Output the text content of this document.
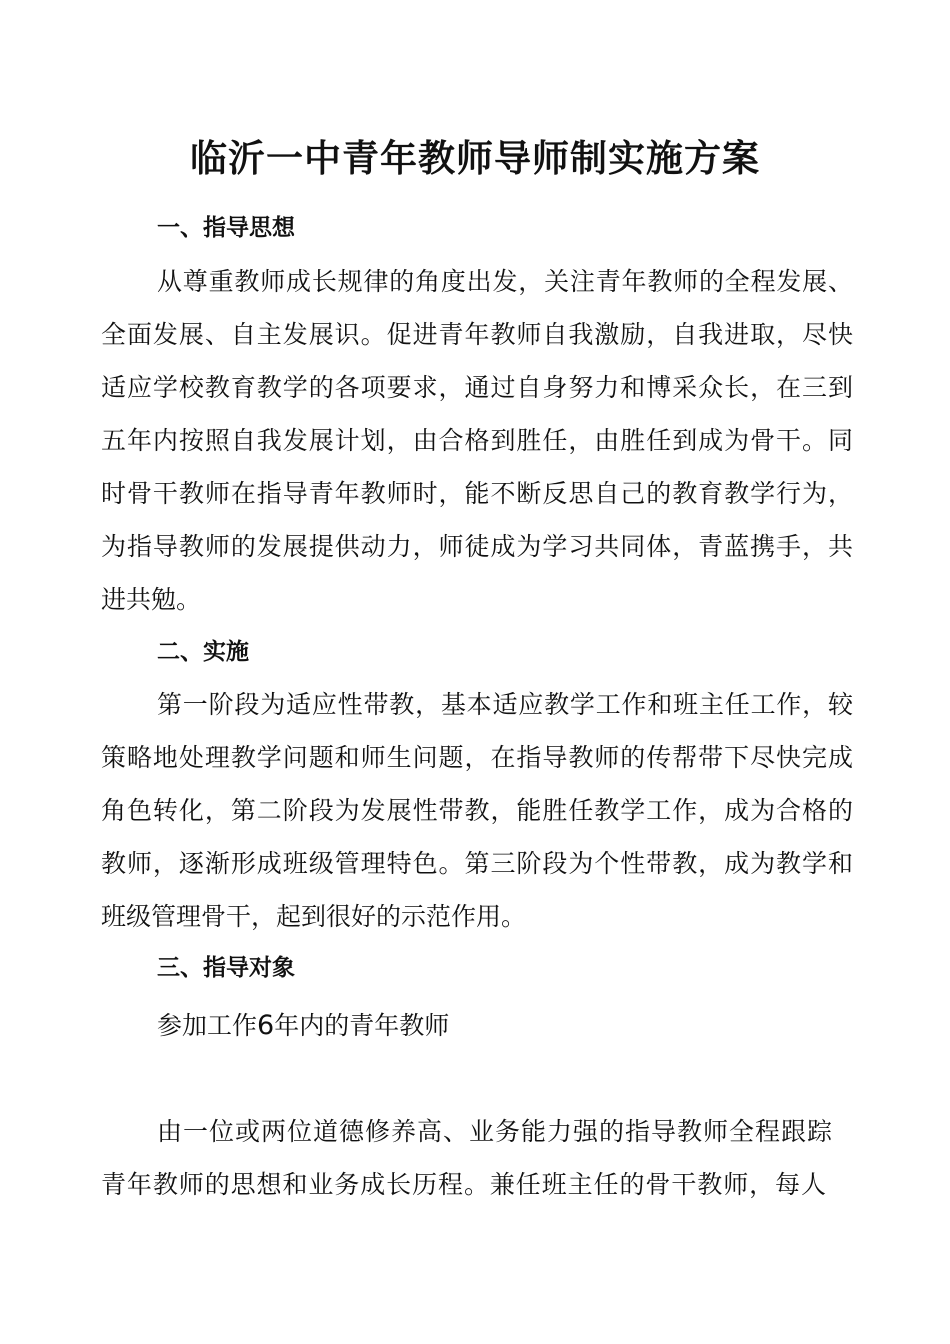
临沂一中青年教师导师制实施方案
一、指导思想

从尊重教师成长规律的角度出发，关注青年教师的全程发展、

全面发展、自主发展识。促进青年教师自我激励，自我进取，尽快

适应学校教育教学的各项要求，通过自身努力和博采众长，在三到

五年内按照自我发展计划，由合格到胜任，由胜任到成为骨干。同

时骨干教师在指导青年教师时，能不断反思自己的教育教学行为，

为指导教师的发展提供动力，师徒成为学习共同体，青蓝携手，共

进共勉。

二、实施

第一阶段为适应性带教，基本适应教学工作和班主任工作，较

策略地处理教学问题和师生问题，在指导教师的传帮带下尽快完成

角色转化，第二阶段为发展性带教，能胜任教学工作，成为合格的

教师，逐渐形成班级管理特色。第三阶段为个性带教，成为教学和

班级管理骨干，起到很好的示范作用。

三、指导对象

参加工作6年内的青年教师

由一位或两位道德修养高、业务能力强的指导教师全程跟踪

青年教师的思想和业务成长历程。兼任班主任的骨干教师，每人
